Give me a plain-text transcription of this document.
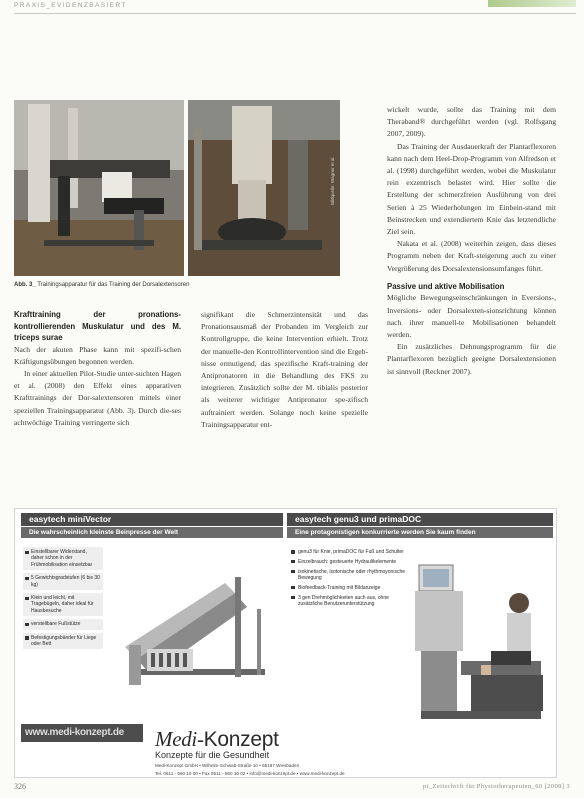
PRAXIS_EVIDENZBASIERT
Bildquelle: Wagner et al.
Abb. 3_ Trainingsapparatur für das Training der Dorsalextensoren

Krafttraining der pronations-kontrollierenden Muskulatur und des M. triceps surae

Nach der akuten Phase kann mit spezifi-schen Kräftigungsübungen begonnen werden.

In einer aktuellen Pilot-Studie unter-suchten Hagen et al. (2008) den Effekt eines apparativen Krafttrainings der Dor-salextensoren mittels einer speziellen Trainingsapparatur (Abb. 3). Durch die-ses achtwöchige Training verringerte sich

signifikant die Schmerzintensität und das Pronationsausmaß der Probanden im Vergleich zur Kontrollgruppe, die keine Intervention erhielt. Trotz der manuelle-den Kontrollintervention sind die Ergeb-nisse ermutigend, das spezifische Kraft-training der Antipronatoren in die Behandlung des FKS zu integrieren. Zusätzlich sollte der M. tibialis posterior als weiterer wichtiger Antipronator spe-zifisch auftrainiert werden. Solange noch keine spezielle Trainingsapparatur ent-

wickelt wurde, sollte das Training mit dem Theraband® durchgeführt werden (vgl. Rolfsgang 2007, 2009).

Das Training der Ausdauerkraft der Plantarflexoren kann nach dem Heel-Drop-Programm von Alfredson et al. (1998) durchgeführt werden, wobei die Muskulatur rein exzentrisch belastet wird. Hier sollte die Erstellung der schmerzfreien Ausführung von drei Serien à 25 Wiederholungen im Einbein-stand mit Beinstrecken und extendiertem Knie das letztendliche Ziel sein.

Nakata et al. (2008) weiterhin zeigen, dass dieses Programm neben der Kraft-steigerung auch zu einer Vergrößerung des Dorsalextensionsumfanges führt.

Passive und aktive Mobilisation

Mögliche Bewegungseinschränkungen in Eversions-, Inversions- oder Dorsalexten-sionsrichtung können nach ihrer manuell-te Mobilisationen behandelt werden.

Ein zusätzliches Dehnungsprogramm für die Plantarflexoren bezüglich geeigne Dorsalextensionen ist sinnvoll (Reckner 2007).

easytech miniVector
Die wahrscheinlich kleinste Beinpresse der Welt
Einstellbarer Widerstand, daher schon in der Frühmobilisation einsetzbar
5 Gewichtsgradstufen (6 bis 30 kg)
Klein und leicht, mit Tragebügeln, daher ideal für Hausbesuche
verstellbare Fußstütze
Befestigungsbänder für Liege oder Bett
www.medi-konzept.de
easytech genu3 und primaDOC
Eine protagonistigen konkurrierte werden Sie kaum finden
genu3 für Knie, primaDOC für Fuß und Schulter
Einzelbrauch: gesteuerte Hydraulikelemente
isokinetische, isotonische oder rhythmoyonische Bewegung
Biofeedback-Training mit Bildanzeige
3 gen Drehmöglichkeiten auch aus, ohne zusätzliche Benutzerunterstützung
Medi-Konzept
Konzepte für die Gesundheit
Medi-Konzept GmbH • Wilhelm-Schwab-Straße 10 • 65187 Wiesbaden
Tel. 0611 - 560 10 00 • Fax 0611 - 560 10 02 • info@medi-konzept.de • www.medi-konzept.de
326	pt_Zeitschrift für Physiotherapeuten_60 [2008] 3
